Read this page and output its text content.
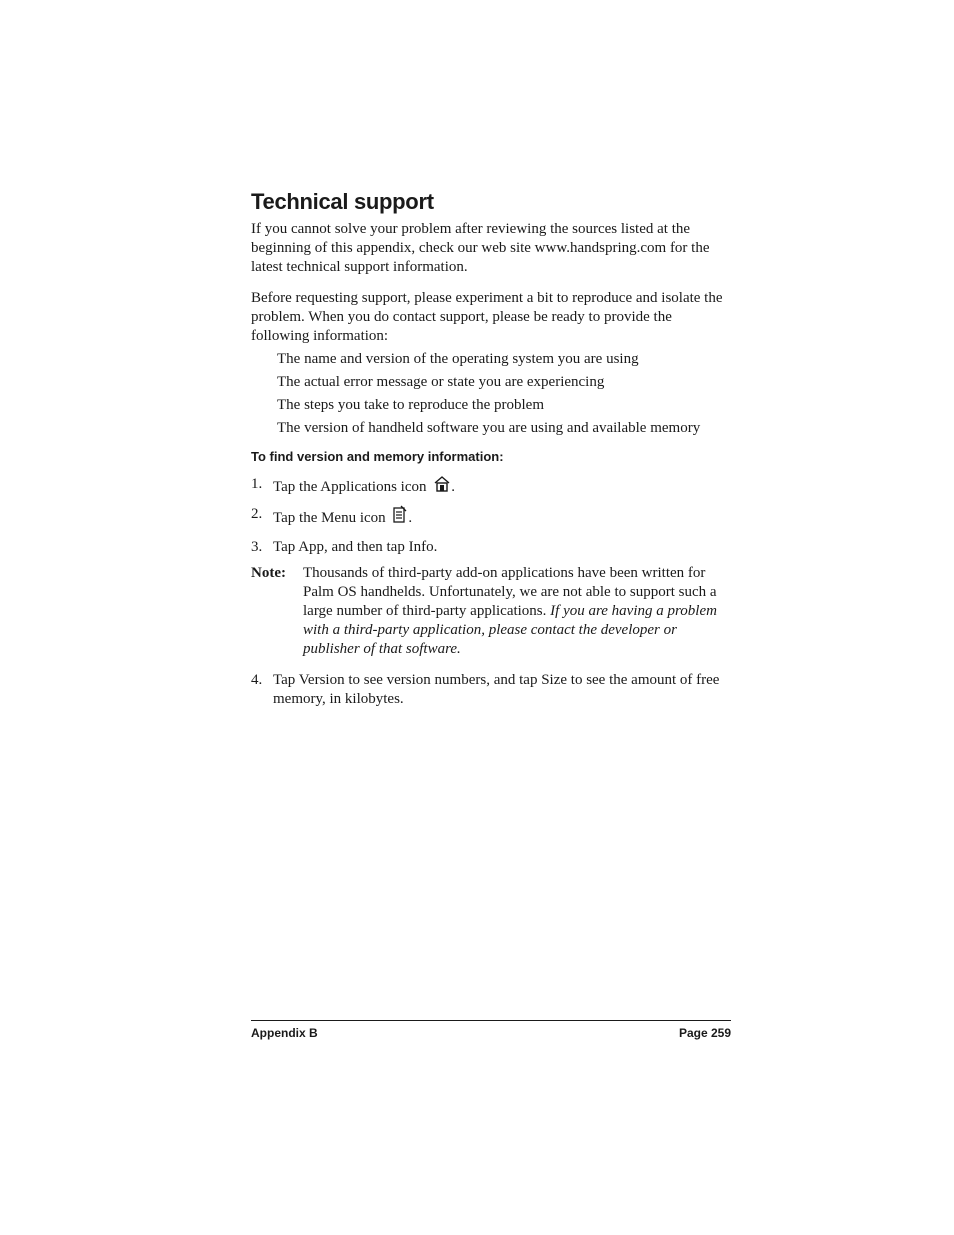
Technical support

If you cannot solve your problem after reviewing the sources listed at the beginning of this appendix, check our web site www.handspring.com for the latest technical support information.

Before requesting support, please experiment a bit to reproduce and isolate the problem. When you do contact support, please be ready to provide the following information:

The name and version of the operating system you are using
The actual error message or state you are experiencing
The steps you take to reproduce the problem
The version of handheld software you are using and available memory
To find version and memory information:
1. Tap the Applications icon .
2. Tap the Menu icon .
3. Tap App, and then tap Info.
Note: Thousands of third-party add-on applications have been written for Palm OS handhelds. Unfortunately, we are not able to support such a large number of third-party applications. If you are having a problem with a third-party application, please contact the developer or publisher of that software.
4. Tap Version to see version numbers, and tap Size to see the amount of free memory, in kilobytes.
Appendix B	Page 259
